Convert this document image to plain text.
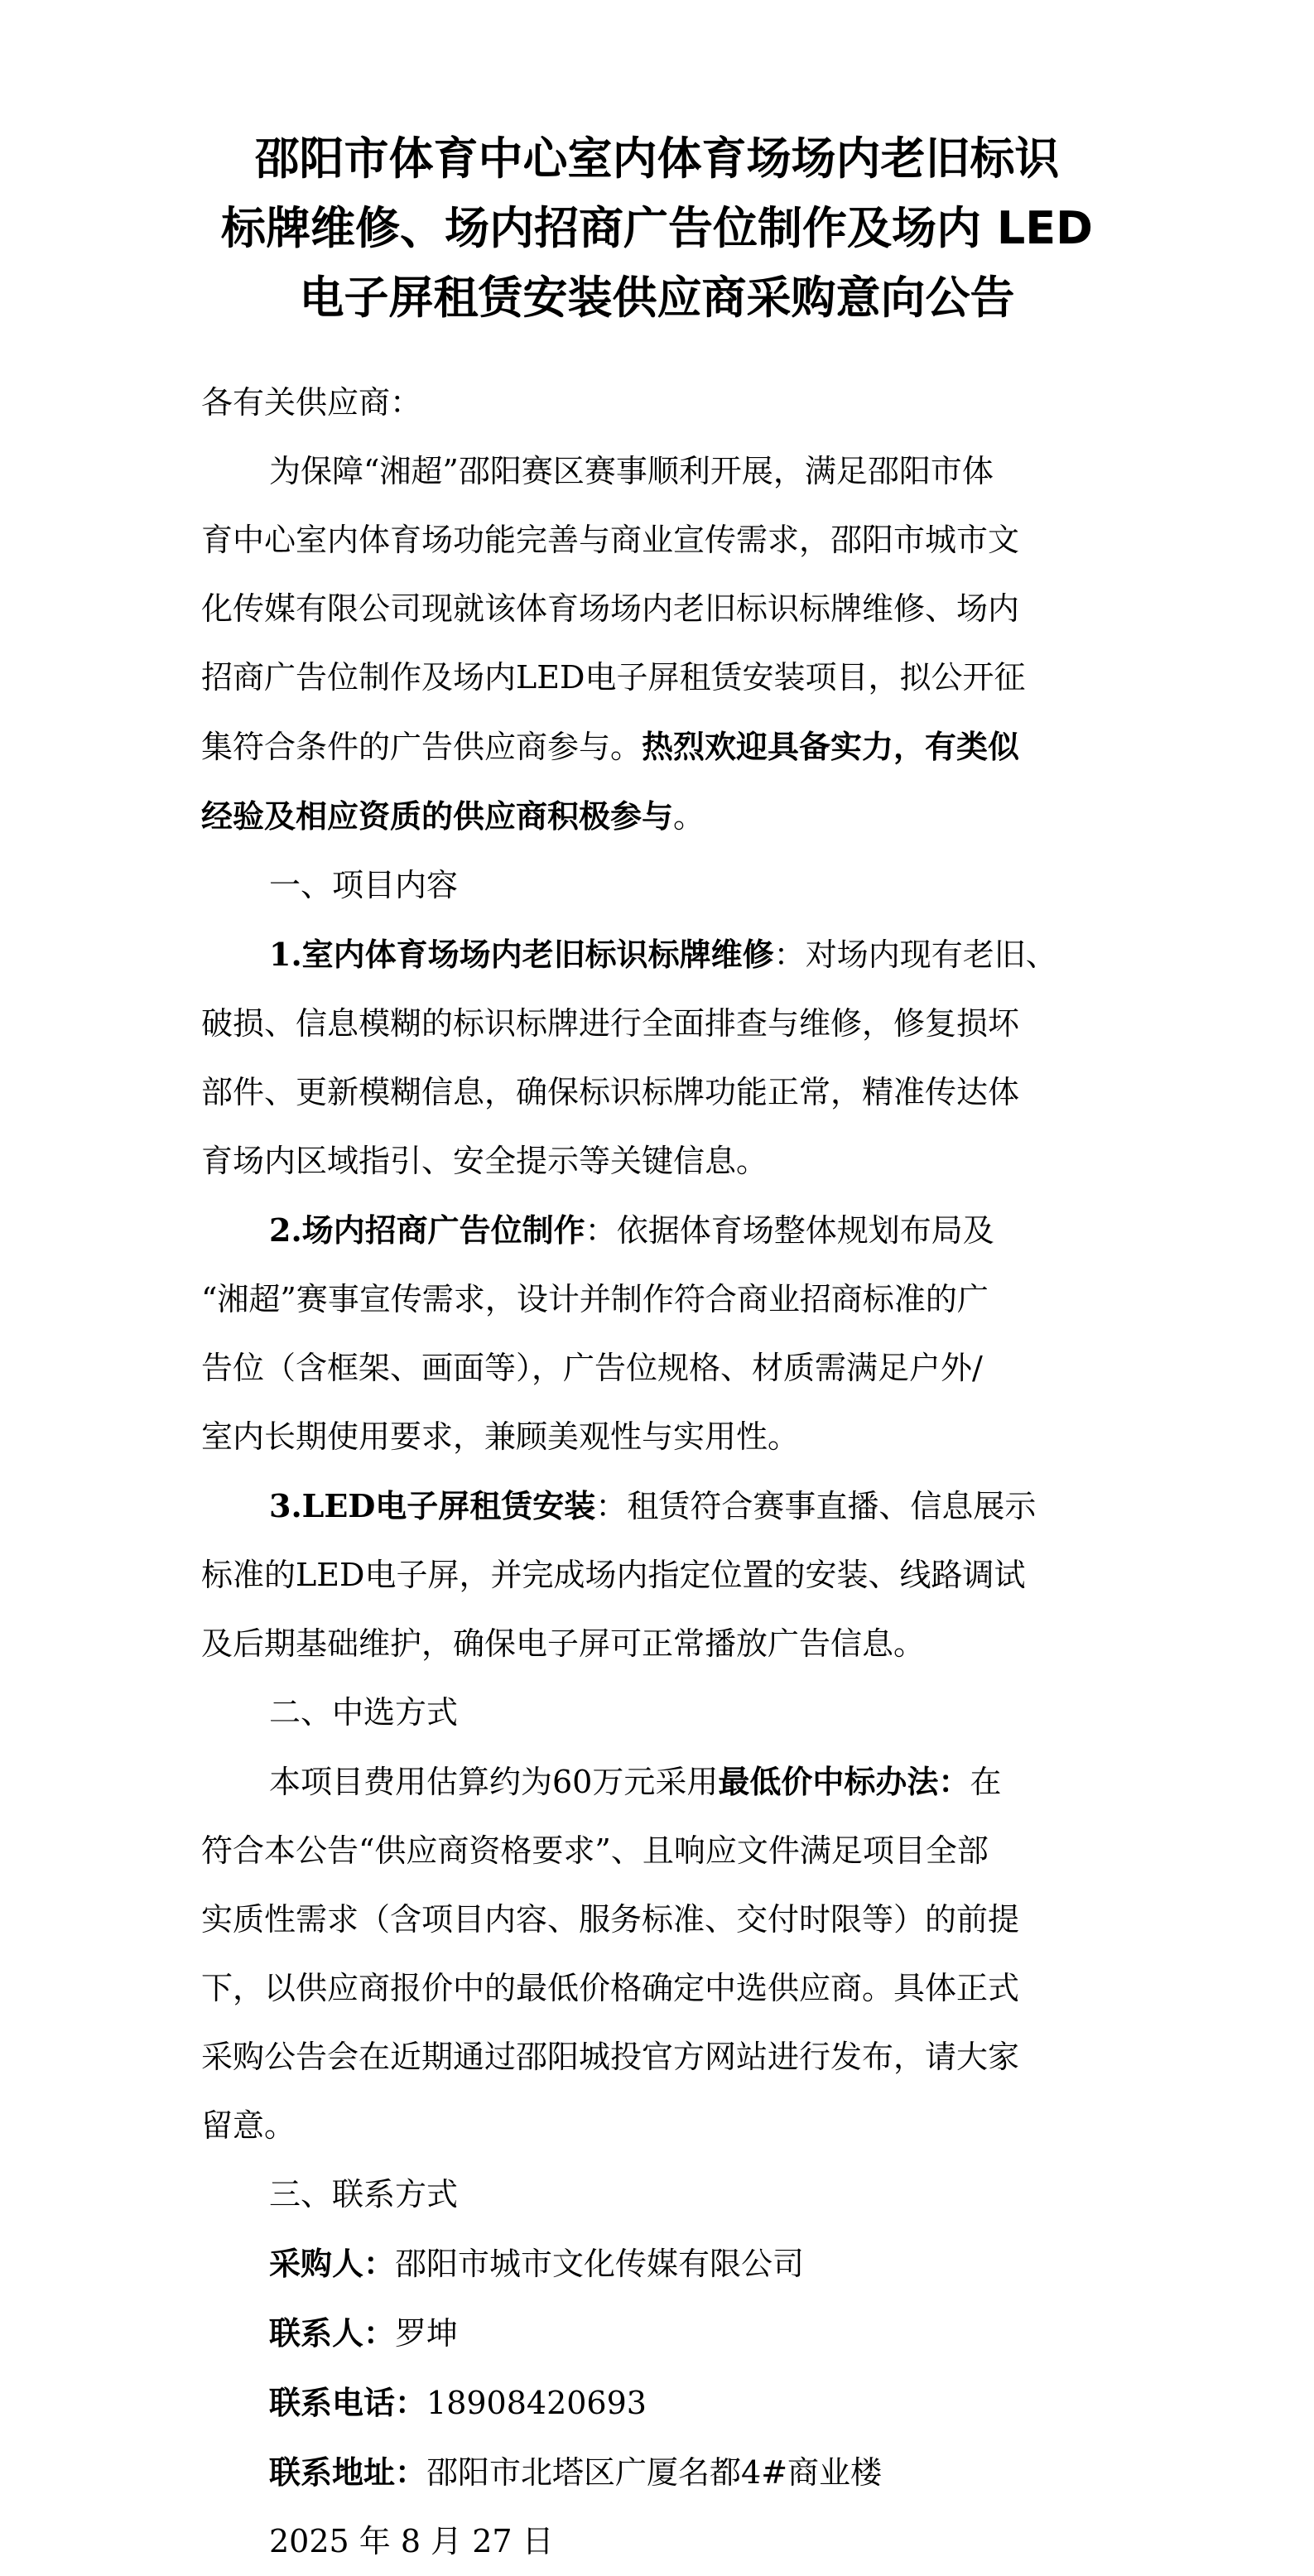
邵阳市体育中心室内体育场场内老旧标识
标牌维修、场内招商广告位制作及场内 LED
电子屏租赁安装供应商采购意向公告
各有关供应商：
为保障“湘超”邵阳赛区赛事顺利开展，满足邵阳市体
育中心室内体育场功能完善与商业宣传需求，邵阳市城市文
化传媒有限公司现就该体育场场内老旧标识标牌维修、场内
招商广告位制作及场内LED电子屏租赁安装项目，拟公开征
集符合条件的广告供应商参与。热烈欢迎具备实力，有类似
经验及相应资质的供应商积极参与。
一、项目内容
1.室内体育场场内老旧标识标牌维修：对场内现有老旧、
破损、信息模糊的标识标牌进行全面排查与维修，修复损坏
部件、更新模糊信息，确保标识标牌功能正常，精准传达体
育场内区域指引、安全提示等关键信息。
2.场内招商广告位制作：依据体育场整体规划布局及
“湘超”赛事宣传需求，设计并制作符合商业招商标准的广
告位（含框架、画面等），广告位规格、材质需满足户外/
室内长期使用要求，兼顾美观性与实用性。
3.LED电子屏租赁安装：租赁符合赛事直播、信息展示
标准的LED电子屏，并完成场内指定位置的安装、线路调试
及后期基础维护，确保电子屏可正常播放广告信息。
二、中选方式
本项目费用估算约为60万元采用最低价中标办法：在
符合本公告“供应商资格要求”、且响应文件满足项目全部
实质性需求（含项目内容、服务标准、交付时限等）的前提
下，以供应商报价中的最低价格确定中选供应商。具体正式
采购公告会在近期通过邵阳城投官方网站进行发布，请大家
留意。
三、联系方式
采购人：邵阳市城市文化传媒有限公司
联系人：罗坤
联系电话：18908420693
联系地址：邵阳市北塔区广厦名都4#商业楼
2025 年 8 月 27 日
